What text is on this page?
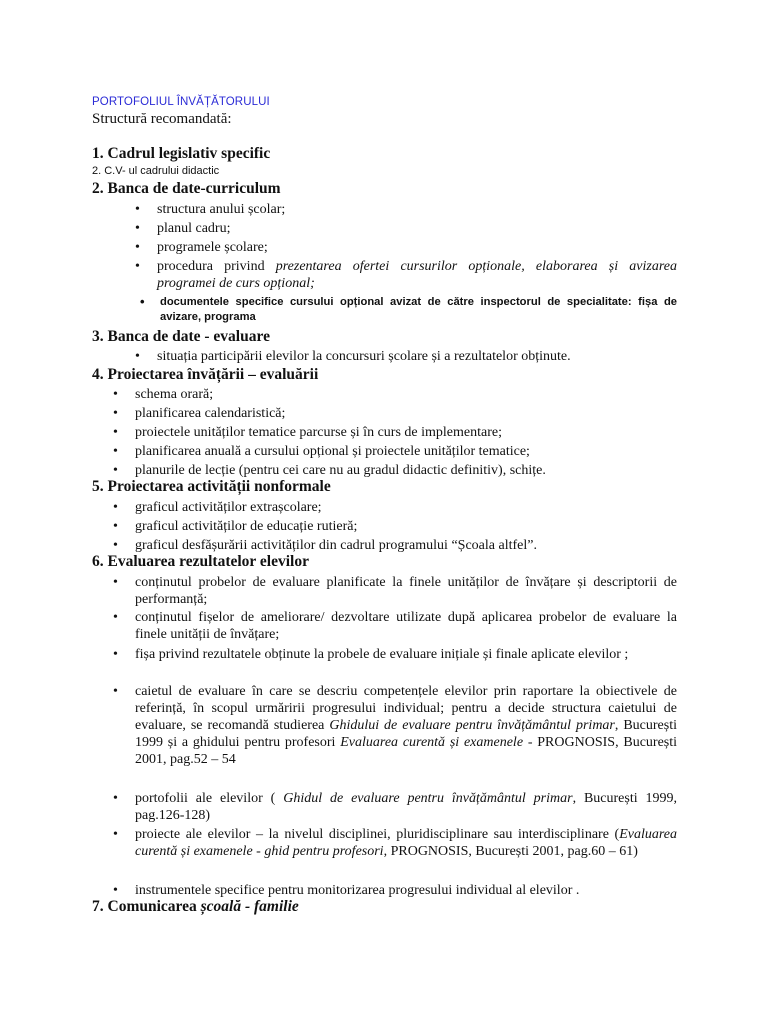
PORTOFOLIUL ÎNVĂȚĂTORULUI
Structură recomandată:
1. Cadrul legislativ specific
2. C.V- ul cadrului didactic
2. Banca de date-curriculum
• structura anului școlar;
• planul cadru;
• programele școlare;
• procedura privind prezentarea ofertei cursurilor opționale, elaborarea și avizarea programei de curs opțional;
• documentele specifice cursului opțional avizat de către inspectorul de specialitate: fișa de avizare, programa
3. Banca de date - evaluare
• situația participării elevilor la concursuri școlare și a rezultatelor obținute.
4. Proiectarea învățării – evaluării
• schema orară;
• planificarea calendaristică;
• proiectele unităților tematice parcurse și în curs de implementare;
• planificarea anuală a cursului opțional și proiectele unităților tematice;
• planurile de lecție (pentru cei care nu au gradul didactic definitiv), schițe.
5. Proiectarea activității nonformale
• graficul activităților extrașcolare;
• graficul activităților de educație rutieră;
• graficul desfășurării activităților din cadrul programului “Școala altfel”.
6. Evaluarea rezultatelor elevilor
• conținutul probelor de evaluare planificate la finele unităților de învățare și descriptorii de performanță;
• conținutul fișelor de ameliorare/ dezvoltare utilizate după aplicarea probelor de evaluare la finele unității de învățare;
• fișa privind rezultatele obținute la probele de evaluare inițiale și finale aplicate elevilor ;
• caietul de evaluare în care se descriu competențele elevilor prin raportare la obiectivele de referință, în scopul urmăririi progresului individual; pentru a decide structura caietului de evaluare, se recomandă studierea Ghidului de evaluare pentru învățământul primar, București 1999 și a ghidului pentru profesori Evaluarea curentă și examenele - PROGNOSIS, București 2001, pag.52 – 54
• portofolii ale elevilor ( Ghidul de evaluare pentru învățământul primar, București 1999, pag.126-128)
• proiecte ale elevilor – la nivelul disciplinei, pluridisciplinare sau interdisciplinare (Evaluarea curentă și examenele - ghid pentru profesori, PROGNOSIS, București 2001, pag.60 – 61)
• instrumentele specifice pentru monitorizarea progresului individual al elevilor .
7. Comunicarea școală - familie
